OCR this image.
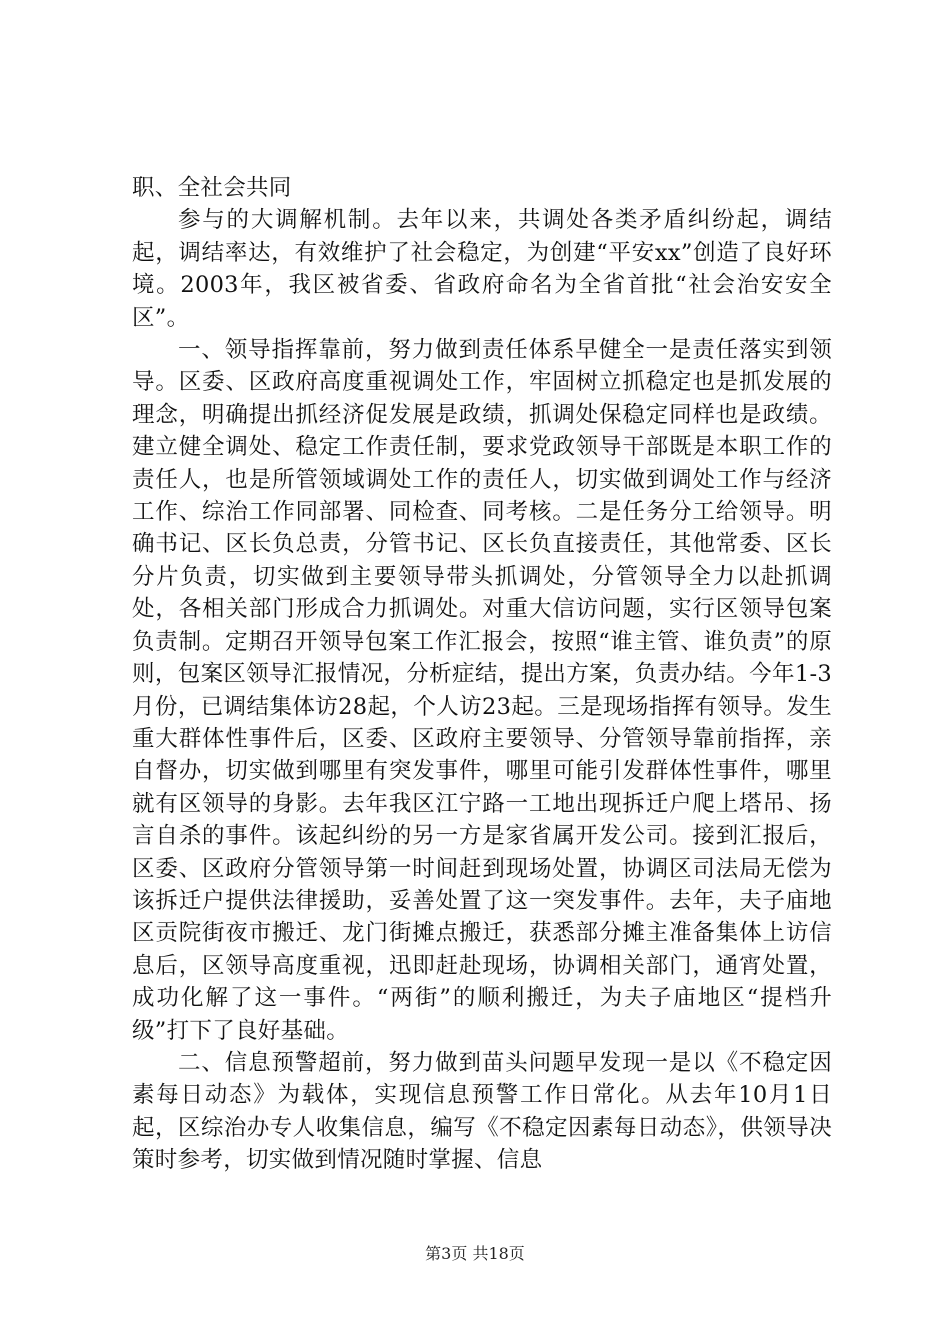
职、全社会共同

参与的大调解机制。去年以来，共调处各类矛盾纠纷起，调结起，调结率达，有效维护了社会稳定，为创建“平安xx”创造了良好环境。2003年，我区被省委、省政府命名为全省首批“社会治安安全区”。

一、领导指挥靠前，努力做到责任体系早健全一是责任落实到领导。区委、区政府高度重视调处工作，牢固树立抓稳定也是抓发展的理念，明确提出抓经济促发展是政绩，抓调处保稳定同样也是政绩。建立健全调处、稳定工作责任制，要求党政领导干部既是本职工作的责任人，也是所管领域调处工作的责任人，切实做到调处工作与经济工作、综治工作同部署、同检查、同考核。二是任务分工给领导。明确书记、区长负总责，分管书记、区长负直接责任，其他常委、区长分片负责，切实做到主要领导带头抓调处，分管领导全力以赴抓调处，各相关部门形成合力抓调处。对重大信访问题，实行区领导包案负责制。定期召开领导包案工作汇报会，按照“谁主管、谁负责”的原则，包案区领导汇报情况，分析症结，提出方案，负责办结。今年1-3月份，已调结集体访28起，个人访23起。三是现场指挥有领导。发生重大群体性事件后，区委、区政府主要领导、分管领导靠前指挥，亲自督办，切实做到哪里有突发事件，哪里可能引发群体性事件，哪里就有区领导的身影。去年我区江宁路一工地出现拆迁户爬上塔吊、扬言自杀的事件。该起纠纷的另一方是家省属开发公司。接到汇报后，区委、区政府分管领导第一时间赶到现场处置，协调区司法局无偿为该拆迁户提供法律援助，妥善处置了这一突发事件。去年，夫子庙地区贡院街夜市搬迁、龙门街摊点搬迁，获悉部分摊主准备集体上访信息后，区领导高度重视，迅即赶赴现场，协调相关部门，通宵处置，成功化解了这一事件。“两街”的顺利搬迁，为夫子庙地区“提档升级”打下了良好基础。

二、信息预警超前，努力做到苗头问题早发现一是以《不稳定因素每日动态》为载体，实现信息预警工作日常化。从去年10月1日起，区综治办专人收集信息，编写《不稳定因素每日动态》，供领导决策时参考，切实做到情况随时掌握、信息

第3页 共18页
